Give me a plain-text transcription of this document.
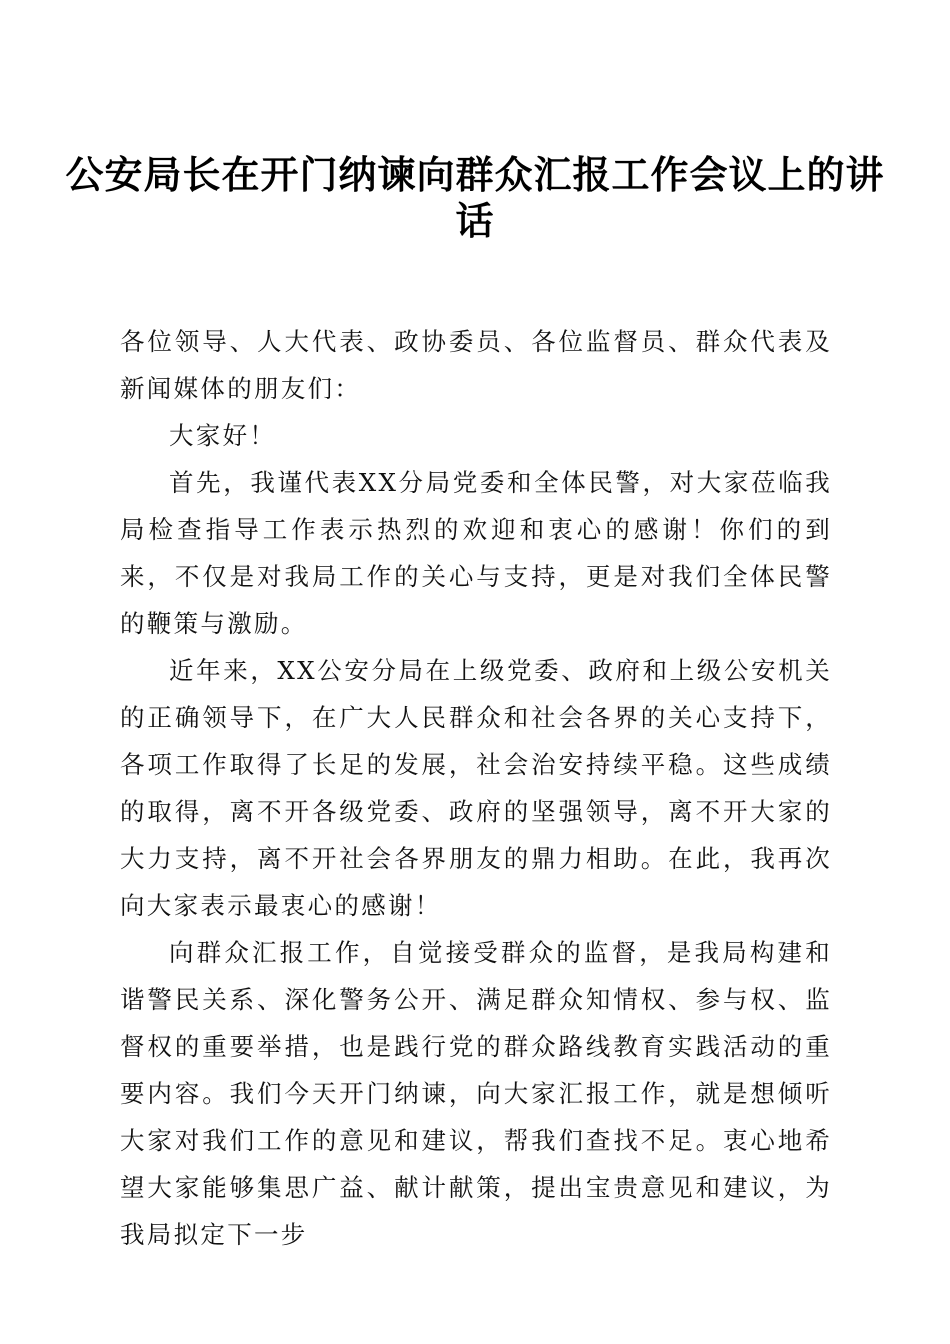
公安局长在开门纳谏向群众汇报工作会议上的讲话

各位领导、人大代表、政协委员、各位监督员、群众代表及新闻媒体的朋友们：

大家好！

首先，我谨代表XX分局党委和全体民警，对大家莅临我局检查指导工作表示热烈的欢迎和衷心的感谢！你们的到来，不仅是对我局工作的关心与支持，更是对我们全体民警的鞭策与激励。

近年来，XX公安分局在上级党委、政府和上级公安机关的正确领导下，在广大人民群众和社会各界的关心支持下，各项工作取得了长足的发展，社会治安持续平稳。这些成绩的取得，离不开各级党委、政府的坚强领导，离不开大家的大力支持，离不开社会各界朋友的鼎力相助。在此，我再次向大家表示最衷心的感谢！

向群众汇报工作，自觉接受群众的监督，是我局构建和谐警民关系、深化警务公开、满足群众知情权、参与权、监督权的重要举措，也是践行党的群众路线教育实践活动的重要内容。我们今天开门纳谏，向大家汇报工作，就是想倾听大家对我们工作的意见和建议，帮我们查找不足。衷心地希望大家能够集思广益、献计献策，提出宝贵意见和建议，为我局拟定下一步
